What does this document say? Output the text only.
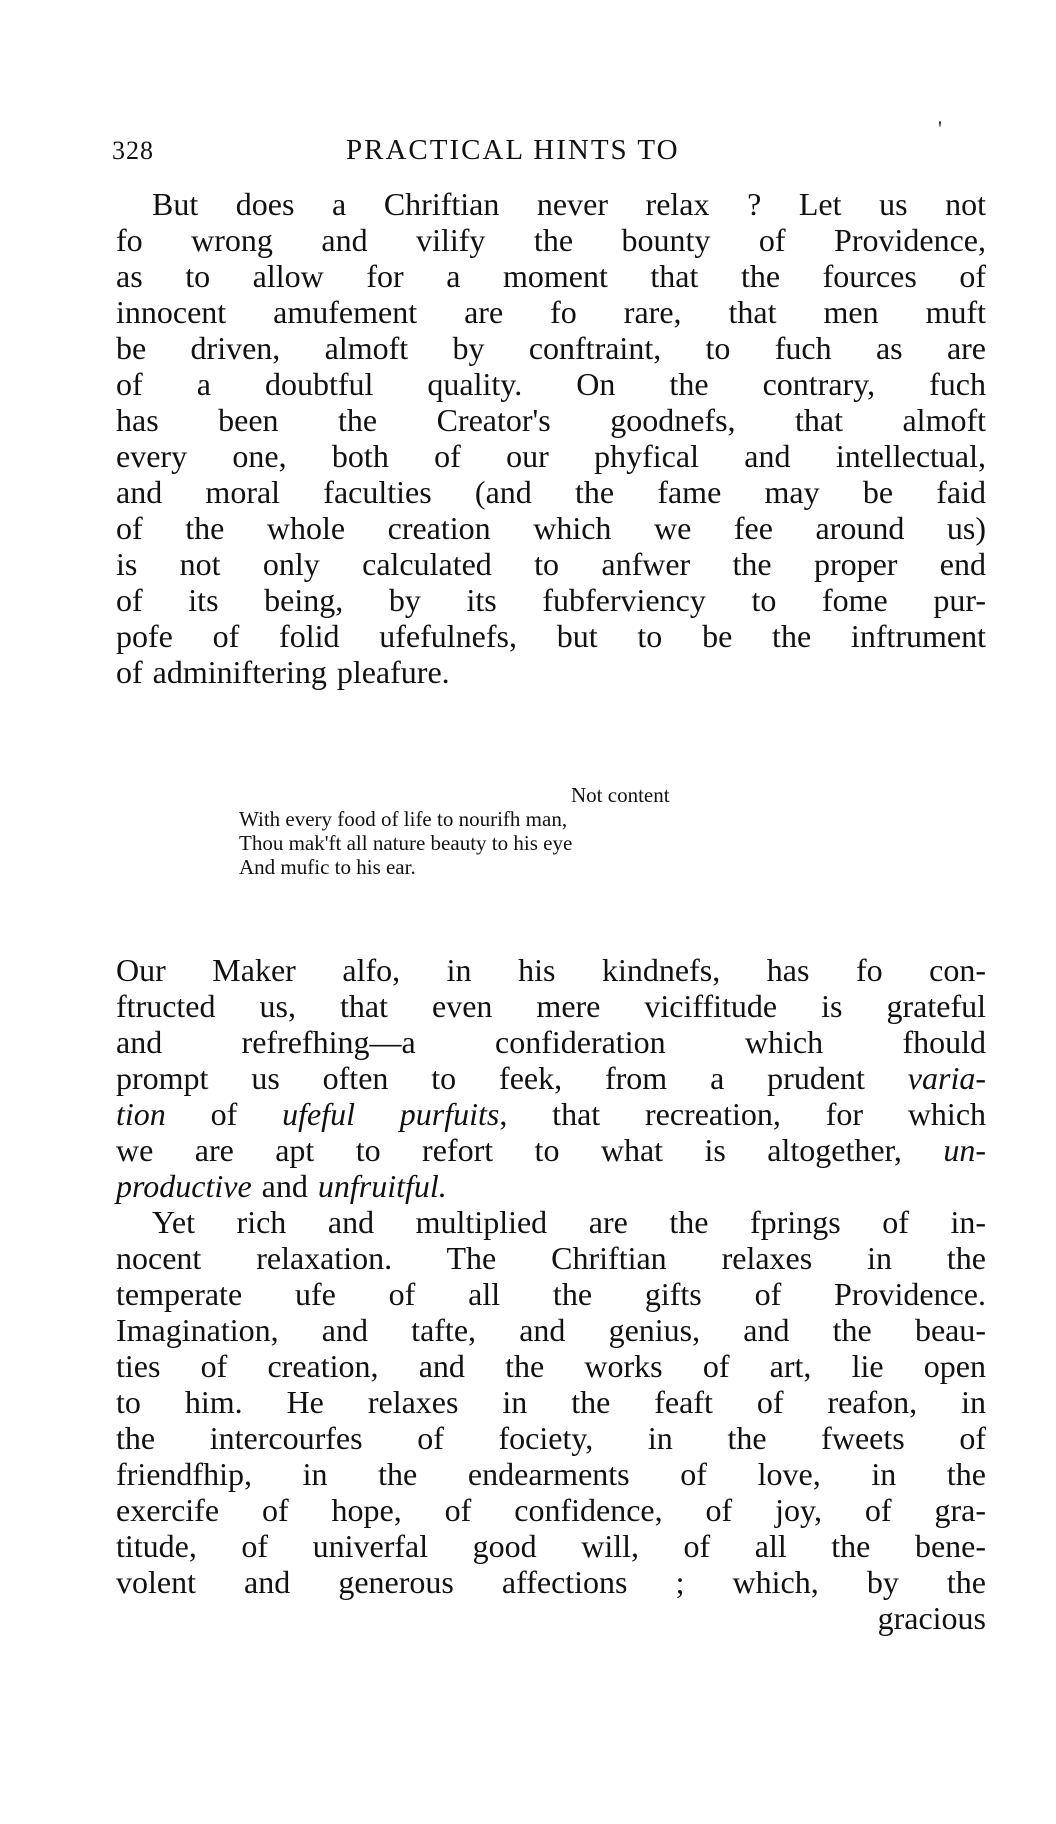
'
328	PRACTICAL HINTS TO
But does a Chriftian never relax ? Let us not
fo wrong and vilify the bounty of Providence,
as to allow for a moment that the fources of
innocent amufement are fo rare, that men muft
be driven, almoft by conftraint, to fuch as are
of a doubtful quality. On the contrary, fuch
has been the Creator's goodnefs, that almoft
every one, both of our phyfical and intellectual,
and moral faculties (and the fame may be faid
of the whole creation which we fee around us)
is not only calculated to anfwer the proper end
of its being, by its fubferviency to fome pur-
pofe of folid ufefulnefs, but to be the inftrument
of adminiftering pleafure.
Not content
With every food of life to nourifh man,
Thou mak'ft all nature beauty to his eye
And mufic to his ear.
Our Maker alfo, in his kindnefs, has fo con-
ftructed us, that even mere viciffitude is grateful
and refrefhing—a confideration which fhould
prompt us often to feek, from a prudent varia-
tion of ufeful purfuits, that recreation, for which
we are apt to refort to what is altogether, un-
productive and unfruitful.
Yet rich and multiplied are the fprings of in-
nocent relaxation. The Chriftian relaxes in the
temperate ufe of all the gifts of Providence.
Imagination, and tafte, and genius, and the beau-
ties of creation, and the works of art, lie open
to him. He relaxes in the feaft of reafon, in
the intercourfes of fociety, in the fweets of
friendfhip, in the endearments of love, in the
exercife of hope, of confidence, of joy, of gra-
titude, of univerfal good will, of all the bene-
volent and generous affections ; which, by the
gracious
